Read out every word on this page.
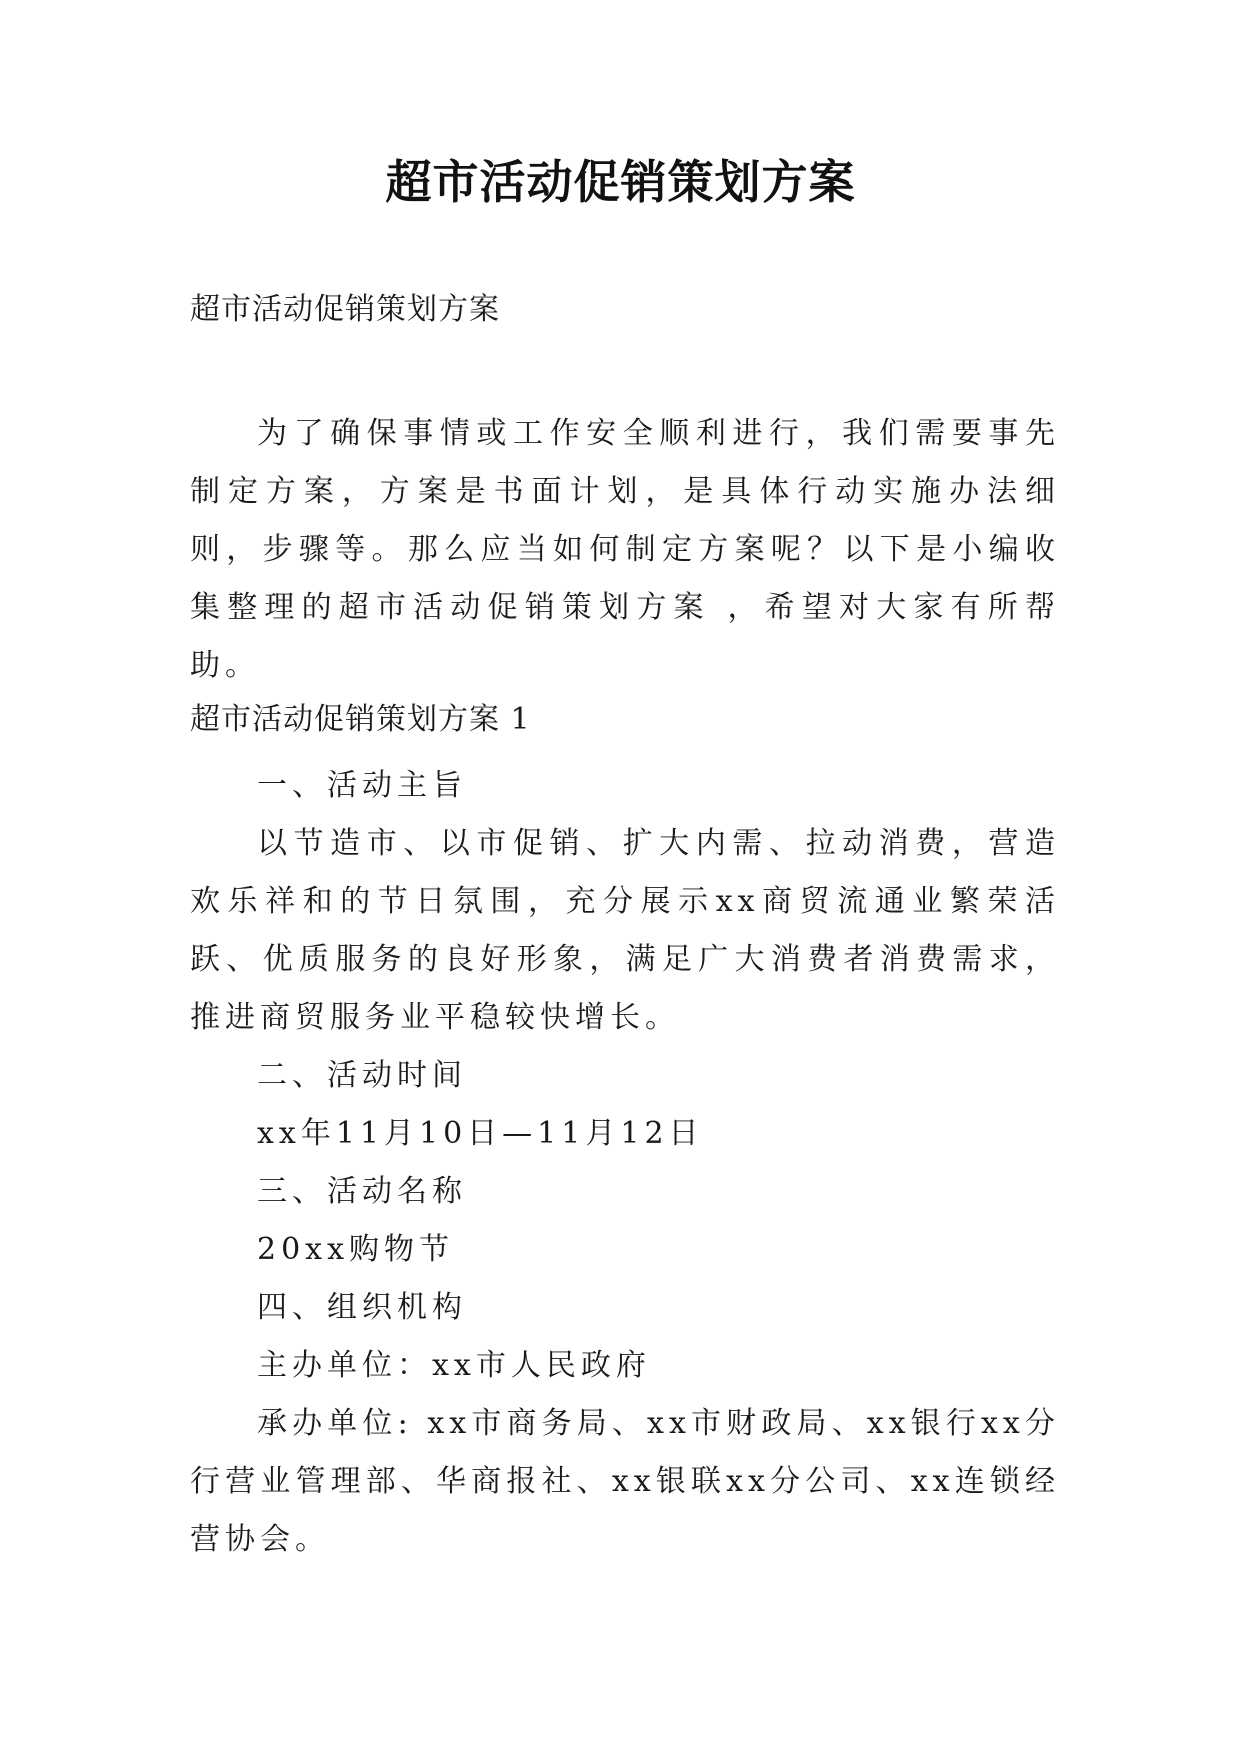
超市活动促销策划方案
超市活动促销策划方案

为了确保事情或工作安全顺利进行，我们需要事先制定方案，方案是书面计划，是具体行动实施办法细则，步骤等。那么应当如何制定方案呢？以下是小编收集整理的超市活动促销策划方案 ，希望对大家有所帮助。

超市活动促销策划方案 1

一、活动主旨

以节造市、以市促销、扩大内需、拉动消费，营造欢乐祥和的节日氛围，充分展示xx商贸流通业繁荣活跃、优质服务的良好形象，满足广大消费者消费需求，推进商贸服务业平稳较快增长。

二、活动时间

xx年11月10日—11月12日

三、活动名称

20xx购物节

四、组织机构

主办单位：xx市人民政府

承办单位: xx市商务局、xx市财政局、xx银行xx分行营业管理部、华商报社、xx银联xx分公司、xx连锁经营协会。
